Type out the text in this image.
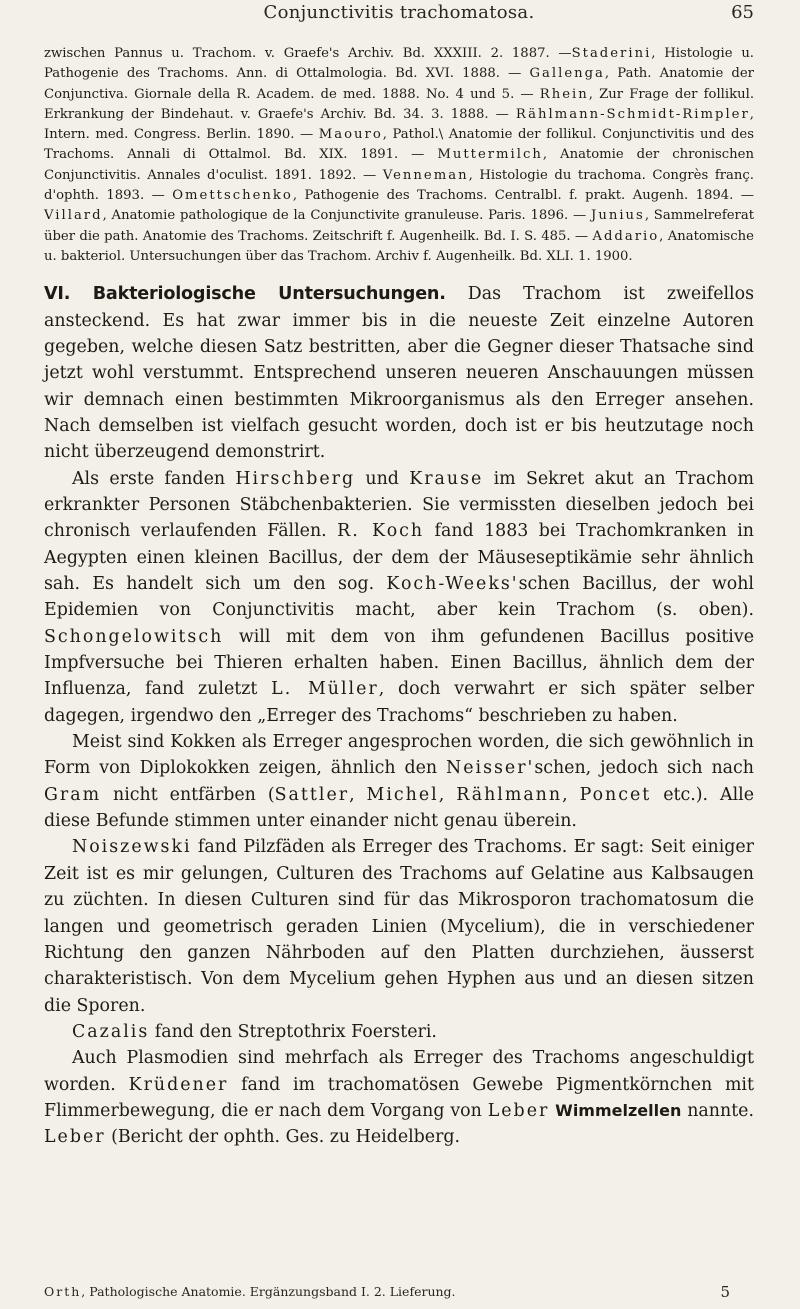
Conjunctivitis trachomatosa.	65
zwischen Pannus u. Trachom. v. Graefe's Archiv. Bd. XXXIII. 2. 1887. —Staderini, Histologie u. Pathogenie des Trachoms. Ann. di Ottalmologia. Bd. XVI. 1888. — Gallenga, Path. Anatomie der Conjunctiva. Giornale della R. Academ. de med. 1888. No. 4 und 5. — Rhein, Zur Frage der follikul. Erkrankung der Bindehaut. v. Graefe's Archiv. Bd. 34. 3. 1888. — Rählmann-Schmidt-Rimpler, Intern. med. Congress. Berlin. 1890. — Maouro, Pathol.\ Anatomie der follikul. Conjunctivitis und des Trachoms. Annali di Ottalmol. Bd. XIX. 1891. — Muttermilch, Anatomie der chronischen Conjunctivitis. Annales d'oculist. 1891. 1892. — Venneman, Histologie du trachoma. Congrès franç. d'ophth. 1893. — Omettschenko, Pathogenie des Trachoms. Centralbl. f. prakt. Augenh. 1894. — Villard, Anatomie pathologique de la Conjunctivite granuleuse. Paris. 1896. — Junius, Sammelreferat über die path. Anatomie des Trachoms. Zeitschrift f. Augenheilk. Bd. I. S. 485. — Addario, Anatomische u. bakteriol. Untersuchungen über das Trachom. Archiv f. Augenheilk. Bd. XLI. 1. 1900.

VI. Bakteriologische Untersuchungen. Das Trachom ist zweifellos ansteckend. Es hat zwar immer bis in die neueste Zeit einzelne Autoren gegeben, welche diesen Satz bestritten, aber die Gegner dieser Thatsache sind jetzt wohl verstummt. Entsprechend unseren neueren Anschauungen müssen wir demnach einen bestimmten Mikroorganismus als den Erreger ansehen. Nach demselben ist vielfach gesucht worden, doch ist er bis heutzutage noch nicht überzeugend demonstrirt.

Als erste fanden Hirschberg und Krause im Sekret akut an Trachom erkrankter Personen Stäbchenbakterien. Sie vermissten dieselben jedoch bei chronisch verlaufenden Fällen. R. Koch fand 1883 bei Trachomkranken in Aegypten einen kleinen Bacillus, der dem der Mäuseseptikämie sehr ähnlich sah. Es handelt sich um den sog. Koch-Weeks'schen Bacillus, der wohl Epidemien von Conjunctivitis macht, aber kein Trachom (s. oben). Schongelowitsch will mit dem von ihm gefundenen Bacillus positive Impfversuche bei Thieren erhalten haben. Einen Bacillus, ähnlich dem der Influenza, fand zuletzt L. Müller, doch verwahrt er sich später selber dagegen, irgendwo den „Erreger des Trachoms“ beschrieben zu haben.

Meist sind Kokken als Erreger angesprochen worden, die sich gewöhnlich in Form von Diplokokken zeigen, ähnlich den Neisser'schen, jedoch sich nach Gram nicht entfärben (Sattler, Michel, Rählmann, Poncet etc.). Alle diese Befunde stimmen unter einander nicht genau überein.

Noiszewski fand Pilzfäden als Erreger des Trachoms. Er sagt: Seit einiger Zeit ist es mir gelungen, Culturen des Trachoms auf Gelatine aus Kalbsaugen zu züchten. In diesen Culturen sind für das Mikrosporon trachomatosum die langen und geometrisch geraden Linien (Mycelium), die in verschiedener Richtung den ganzen Nährboden auf den Platten durchziehen, äusserst charakteristisch. Von dem Mycelium gehen Hyphen aus und an diesen sitzen die Sporen.

Cazalis fand den Streptothrix Foersteri.

Auch Plasmodien sind mehrfach als Erreger des Trachoms angeschuldigt worden. Krüdener fand im trachomatösen Gewebe Pigmentkörnchen mit Flimmerbewegung, die er nach dem Vorgang von Leber Wimmelzellen nannte. Leber (Bericht der ophth. Ges. zu Heidelberg.

Orth, Pathologische Anatomie. Ergänzungsband I. 2. Lieferung.	5
